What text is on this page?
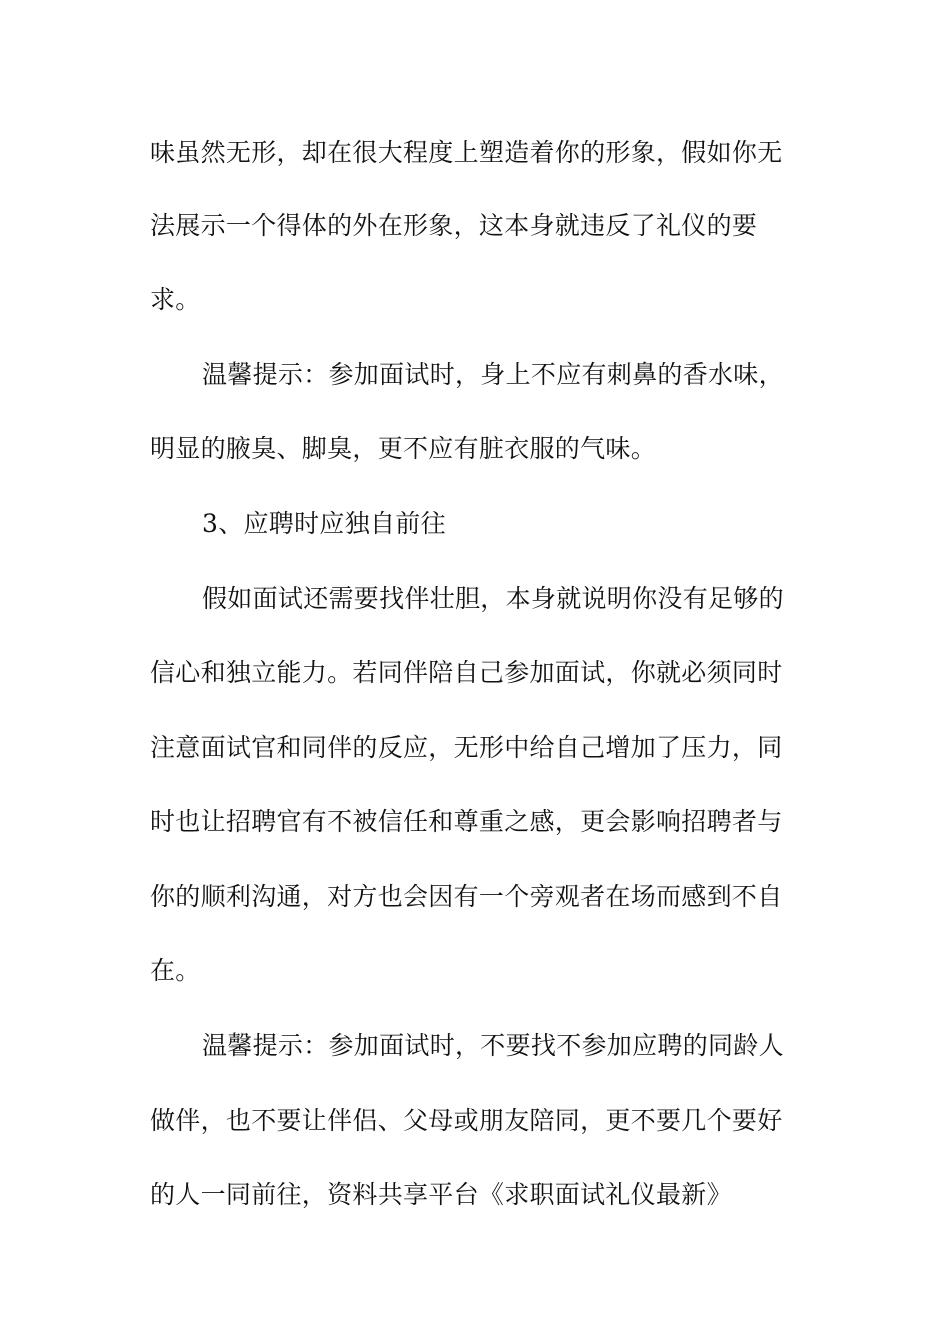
味虽然无形，却在很大程度上塑造着你的形象，假如你无
法展示一个得体的外在形象，这本身就违反了礼仪的要
求。
温馨提示：参加面试时，身上不应有刺鼻的香水味，
明显的腋臭、脚臭，更不应有脏衣服的气味。
3、应聘时应独自前往
假如面试还需要找伴壮胆，本身就说明你没有足够的
信心和独立能力。若同伴陪自己参加面试，你就必须同时
注意面试官和同伴的反应，无形中给自己增加了压力，同
时也让招聘官有不被信任和尊重之感，更会影响招聘者与
你的顺利沟通，对方也会因有一个旁观者在场而感到不自
在。
温馨提示：参加面试时，不要找不参加应聘的同龄人
做伴，也不要让伴侣、父母或朋友陪同，更不要几个要好
的人一同前往，资料共享平台《求职面试礼仪最新》
